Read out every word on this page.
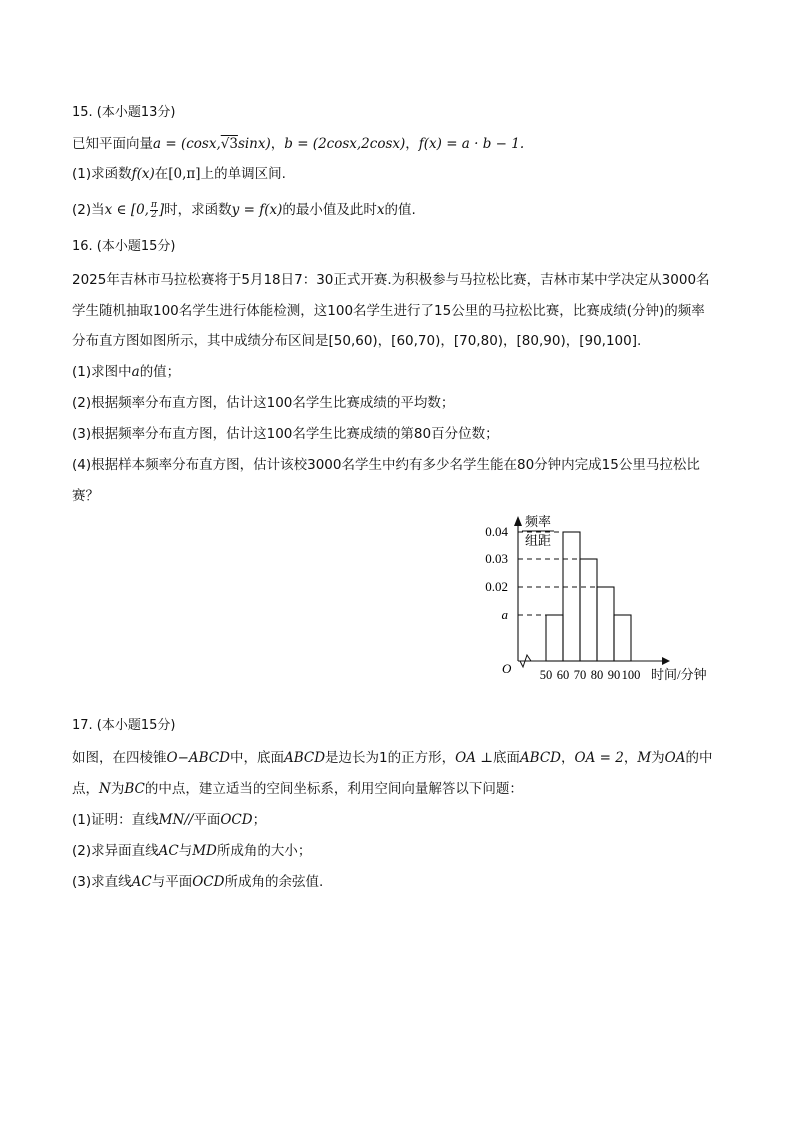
15. (本小题13分)
已知平面向量a = (cosx,√3sinx)，b = (2cosx,2cosx)，f(x) = a · b − 1.
(1)求函数f(x)在[0,π]上的单调区间.
(2)当x ∈ [0, $\frac{\pi}{2}$ ]时，求函数y = f(x)的最小值及此时x的值.
16. (本小题15分)
2025年吉林市马拉松赛将于5月18日7：30正式开赛.为积极参与马拉松比赛，吉林市某中学决定从3000名
学生随机抽取100名学生进行体能检测，这100名学生进行了15公里的马拉松比赛，比赛成绩(分钟)的频率
分布直方图如图所示，其中成绩分布区间是[50,60)，[60,70)，[70,80)，[80,90)，[90,100].
(1)求图中a的值；
(2)根据频率分布直方图，估计这100名学生比赛成绩的平均数；
(3)根据频率分布直方图，估计这100名学生比赛成绩的第80百分位数；
(4)根据样本频率分布直方图，估计该校3000名学生中约有多少名学生能在80分钟内完成15公里马拉松比
赛？
频率
组距
O	时间/分钟
0.04
0.03
0.02
a
50 60 70 80 90 100
17. (本小题15分)
如图，在四棱锥O−ABCD中，底面ABCD是边长为1的正方形，OA ⊥底面ABCD，OA = 2，M为OA的中
点，N为BC的中点，建立适当的空间坐标系，利用空间向量解答以下问题：
(1)证明：直线MN//平面OCD；
(2)求异面直线AC与MD所成角的大小；
(3)求直线AC与平面OCD所成角的余弦值.
